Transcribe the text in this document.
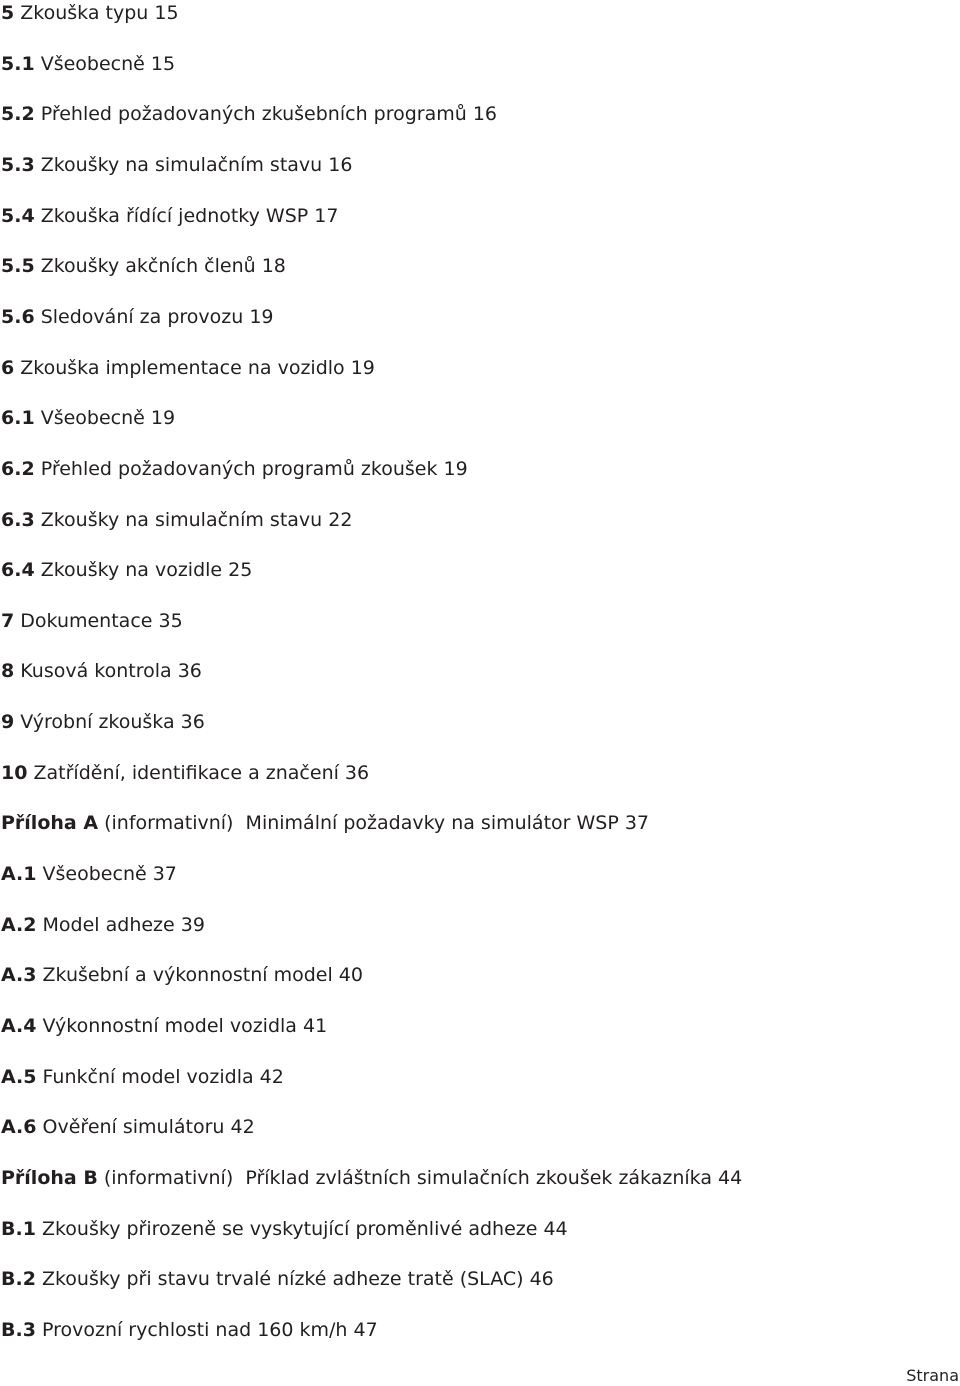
5 Zkouška typu 15
5.1 Všeobecně 15
5.2 Přehled požadovaných zkušebních programů 16
5.3 Zkoušky na simulačním stavu 16
5.4 Zkouška řídící jednotky WSP 17
5.5 Zkoušky akčních členů 18
5.6 Sledování za provozu 19
6 Zkouška implementace na vozidlo 19
6.1 Všeobecně 19
6.2 Přehled požadovaných programů zkoušek 19
6.3 Zkoušky na simulačním stavu 22
6.4 Zkoušky na vozidle 25
7 Dokumentace 35
8 Kusová kontrola 36
9 Výrobní zkouška 36
10 Zatřídění, identifikace a značení 36
Příloha A (informativní)  Minimální požadavky na simulátor WSP 37
A.1 Všeobecně 37
A.2 Model adheze 39
A.3 Zkušební a výkonnostní model 40
A.4 Výkonnostní model vozidla 41
A.5 Funkční model vozidla 42
A.6 Ověření simulátoru 42
Příloha B (informativní)  Příklad zvláštních simulačních zkoušek zákazníka 44
B.1 Zkoušky přirozeně se vyskytující proměnlivé adheze 44
B.2 Zkoušky při stavu trvalé nízké adheze tratě (SLAC) 46
B.3 Provozní rychlosti nad 160 km/h 47
Strana
